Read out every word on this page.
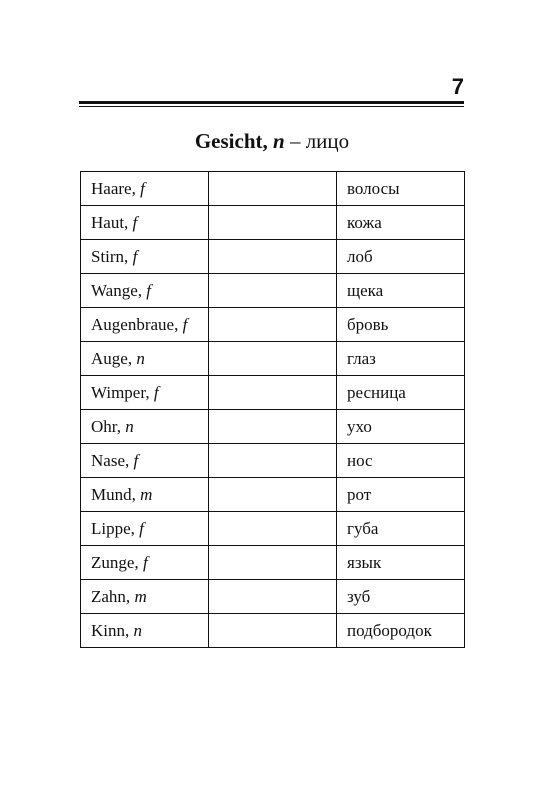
7
Gesicht, n – лицо
Haare, f		волосы
Haut, f		кожа
Stirn, f		лоб
Wange, f		щека
Augenbraue, f		бровь
Auge, n		глаз
Wimper, f		ресница
Ohr, n		ухо
Nase, f		нос
Mund, m		рот
Lippe, f		губа
Zunge, f		язык
Zahn, m		зуб
Kinn, n		подбородок
